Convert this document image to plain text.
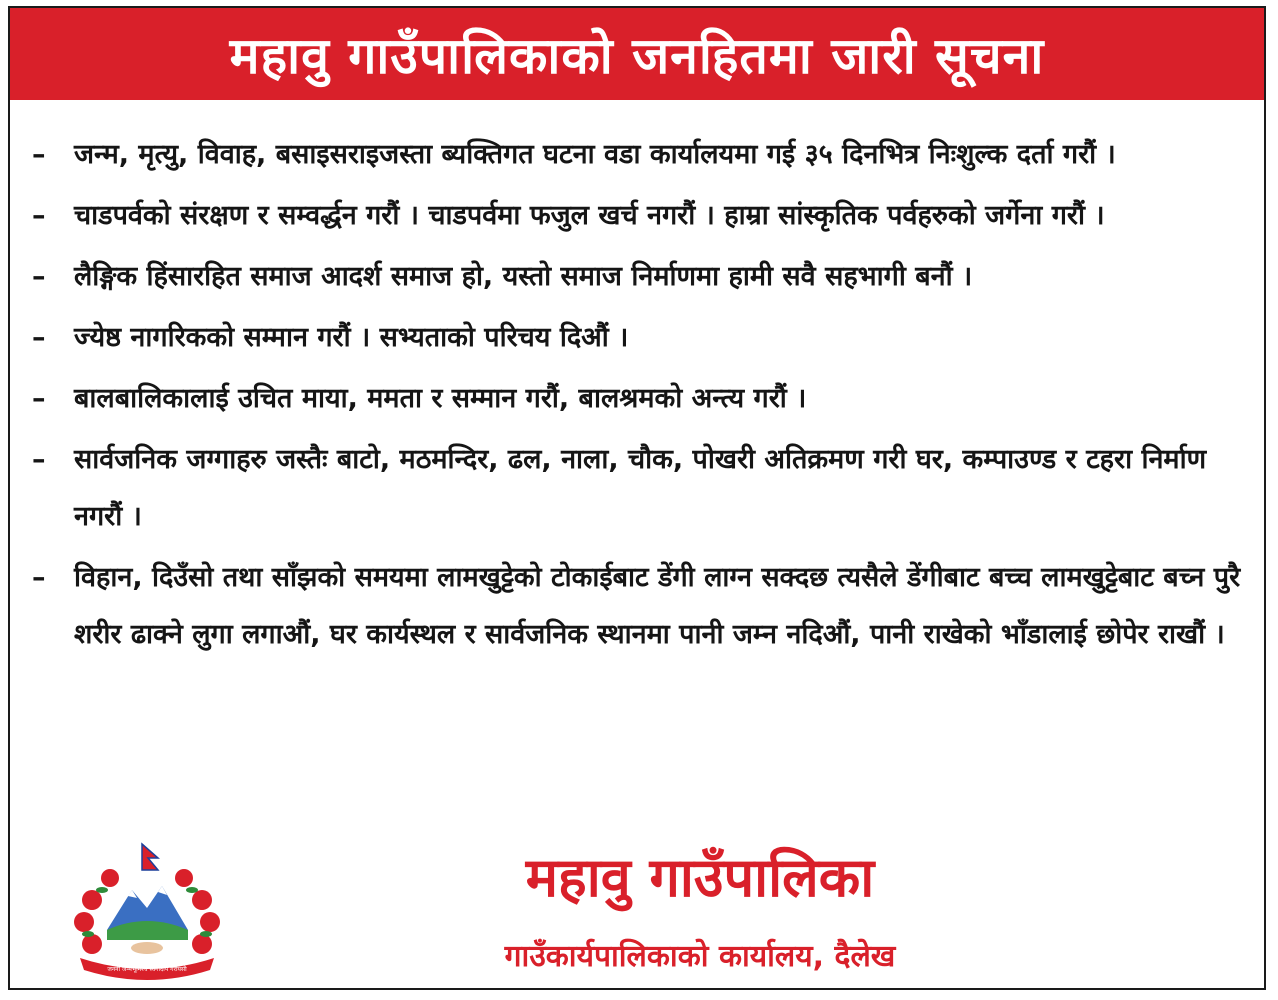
महावु गाउँपालिकाको जनहितमा जारी सूचना
–	जन्म, मृत्यु, विवाह, बसाइसराइजस्ता ब्यक्तिगत घटना वडा कार्यालयमा गई ३५ दिनभित्र निःशुल्क दर्ता गरौं ।
–	चाडपर्वको संरक्षण र सम्वर्द्धन गरौं । चाडपर्वमा फजुल खर्च नगरौं । हाम्रा सांस्कृतिक पर्वहरुको जर्गेना गरौं ।
–	लैङ्गिक हिंसारहित समाज आदर्श समाज हो, यस्तो समाज निर्माणमा हामी सवै सहभागी बनौं ।
–	ज्येष्ठ नागरिकको सम्मान गरौं । सभ्यताको परिचय दिऔं ।
–	बालबालिकालाई उचित माया, ममता र सम्मान गरौं, बालश्रमको अन्त्य गरौं ।
–	सार्वजनिक जग्गाहरु जस्तैः बाटो, मठमन्दिर, ढल, नाला, चौक, पोखरी अतिक्रमण गरी घर, कम्पाउण्ड र टहरा निर्माण नगरौं ।
–	विहान, दिउँसो तथा साँझको समयमा लामखुट्टेको टोकाईबाट डेंगी लाग्न सक्दछ त्यसैले डेंगीबाट बच्च लामखुट्टेबाट बच्न पुरै शरीर ढाक्ने लुगा लगाऔं, घर कार्यस्थल र सार्वजनिक स्थानमा पानी जम्न नदिऔं, पानी राखेको भाँडालाई छोपेर राखौं ।
जननी जन्मभूमिश्च स्वर्गादपि गरीयसी
महावु गाउँपालिका
गाउँकार्यपालिकाको कार्यालय, दैलेख
